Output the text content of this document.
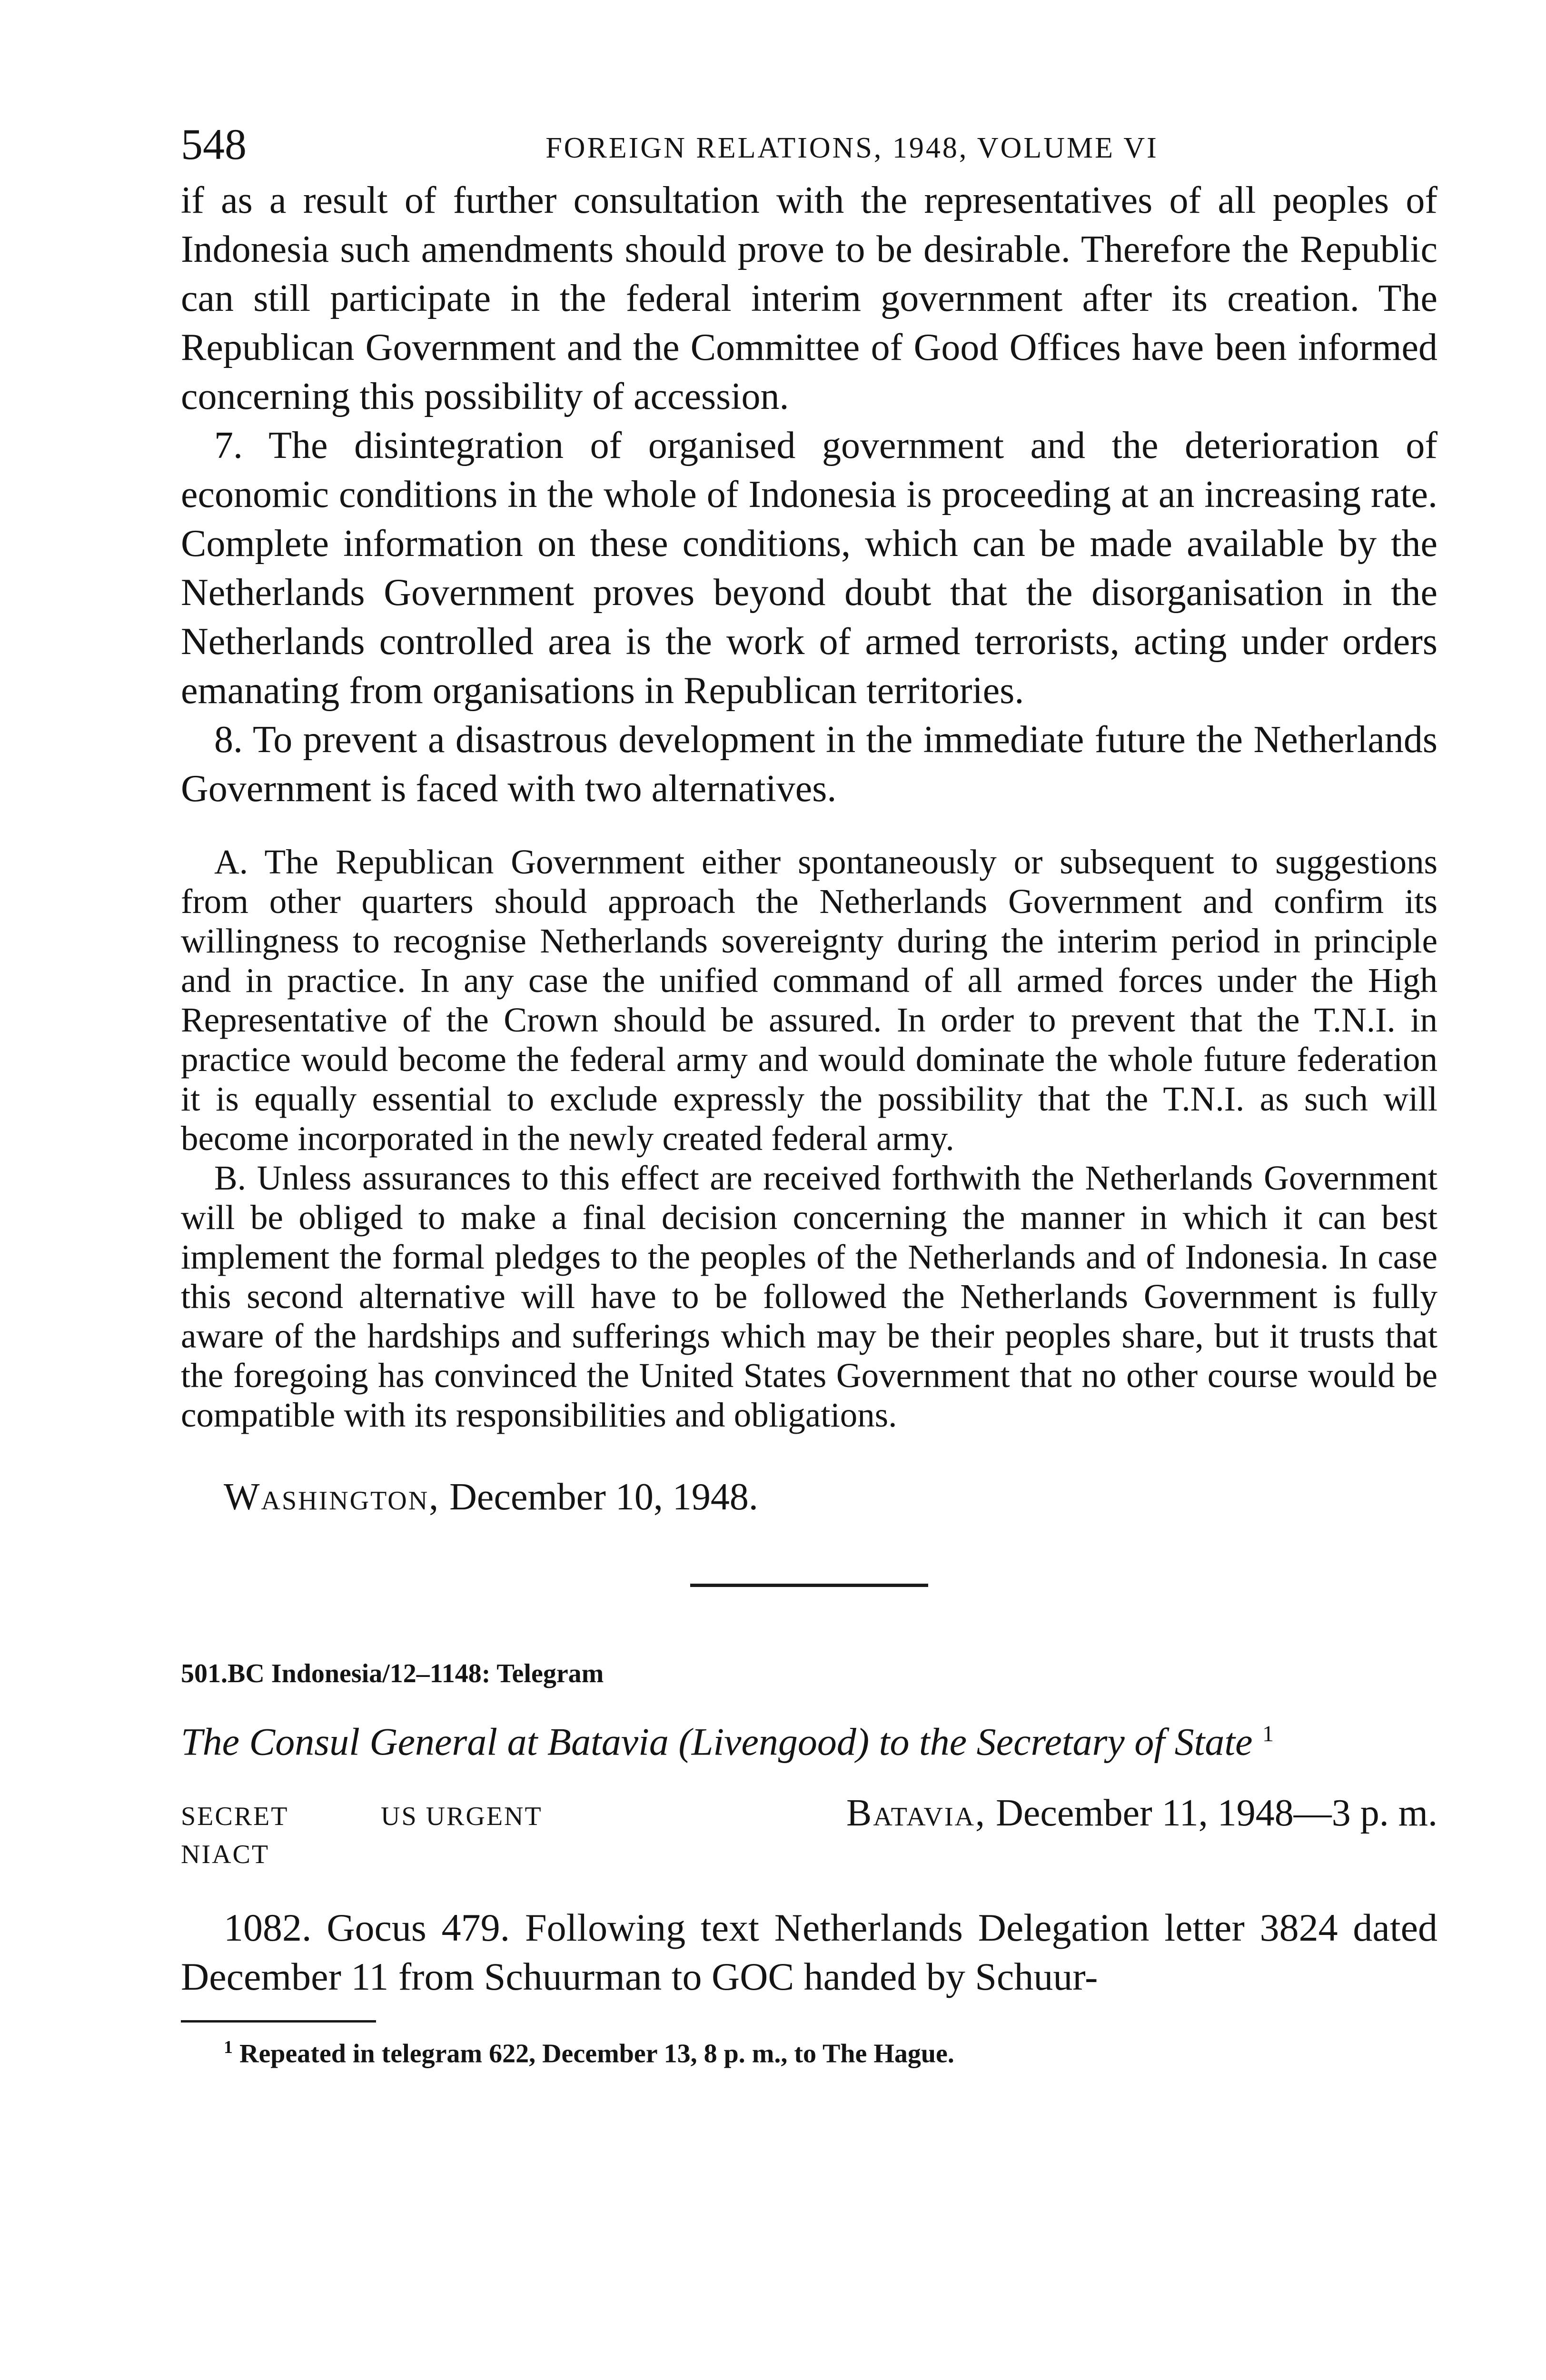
548	FOREIGN RELATIONS, 1948, VOLUME VI

if as a result of further consultation with the representatives of all peoples of Indonesia such amendments should prove to be desirable. Therefore the Republic can still participate in the federal interim government after its creation. The Republican Government and the Committee of Good Offices have been informed concerning this possibility of accession.

7. The disintegration of organised government and the deterioration of economic conditions in the whole of Indonesia is proceeding at an increasing rate. Complete information on these conditions, which can be made available by the Netherlands Government proves beyond doubt that the disorganisation in the Netherlands controlled area is the work of armed terrorists, acting under orders emanating from organisations in Republican territories.

8. To prevent a disastrous development in the immediate future the Netherlands Government is faced with two alternatives.

A. The Republican Government either spontaneously or subsequent to suggestions from other quarters should approach the Netherlands Government and confirm its willingness to recognise Netherlands sovereignty during the interim period in principle and in practice. In any case the unified command of all armed forces under the High Representative of the Crown should be assured. In order to prevent that the T.N.I. in practice would become the federal army and would dominate the whole future federation it is equally essential to exclude expressly the possibility that the T.N.I. as such will become incorporated in the newly created federal army.

B. Unless assurances to this effect are received forthwith the Netherlands Government will be obliged to make a final decision concerning the manner in which it can best implement the formal pledges to the peoples of the Netherlands and of Indonesia. In case this second alternative will have to be followed the Netherlands Government is fully aware of the hardships and sufferings which may be their peoples share, but it trusts that the foregoing has convinced the United States Government that no other course would be compatible with its responsibilities and obligations.

Washington, December 10, 1948.

501.BC Indonesia/12–1148: Telegram

The Consul General at Batavia (Livengood) to the Secretary of State $^1$

SECRET	US URGENT	Batavia, December 11, 1948—3 p. m.

NIACT

1082. Gocus 479. Following text Netherlands Delegation letter 3824 dated December 11 from Schuurman to GOC handed by Schuur-

$^1$ Repeated in telegram 622, December 13, 8 p. m., to The Hague.
